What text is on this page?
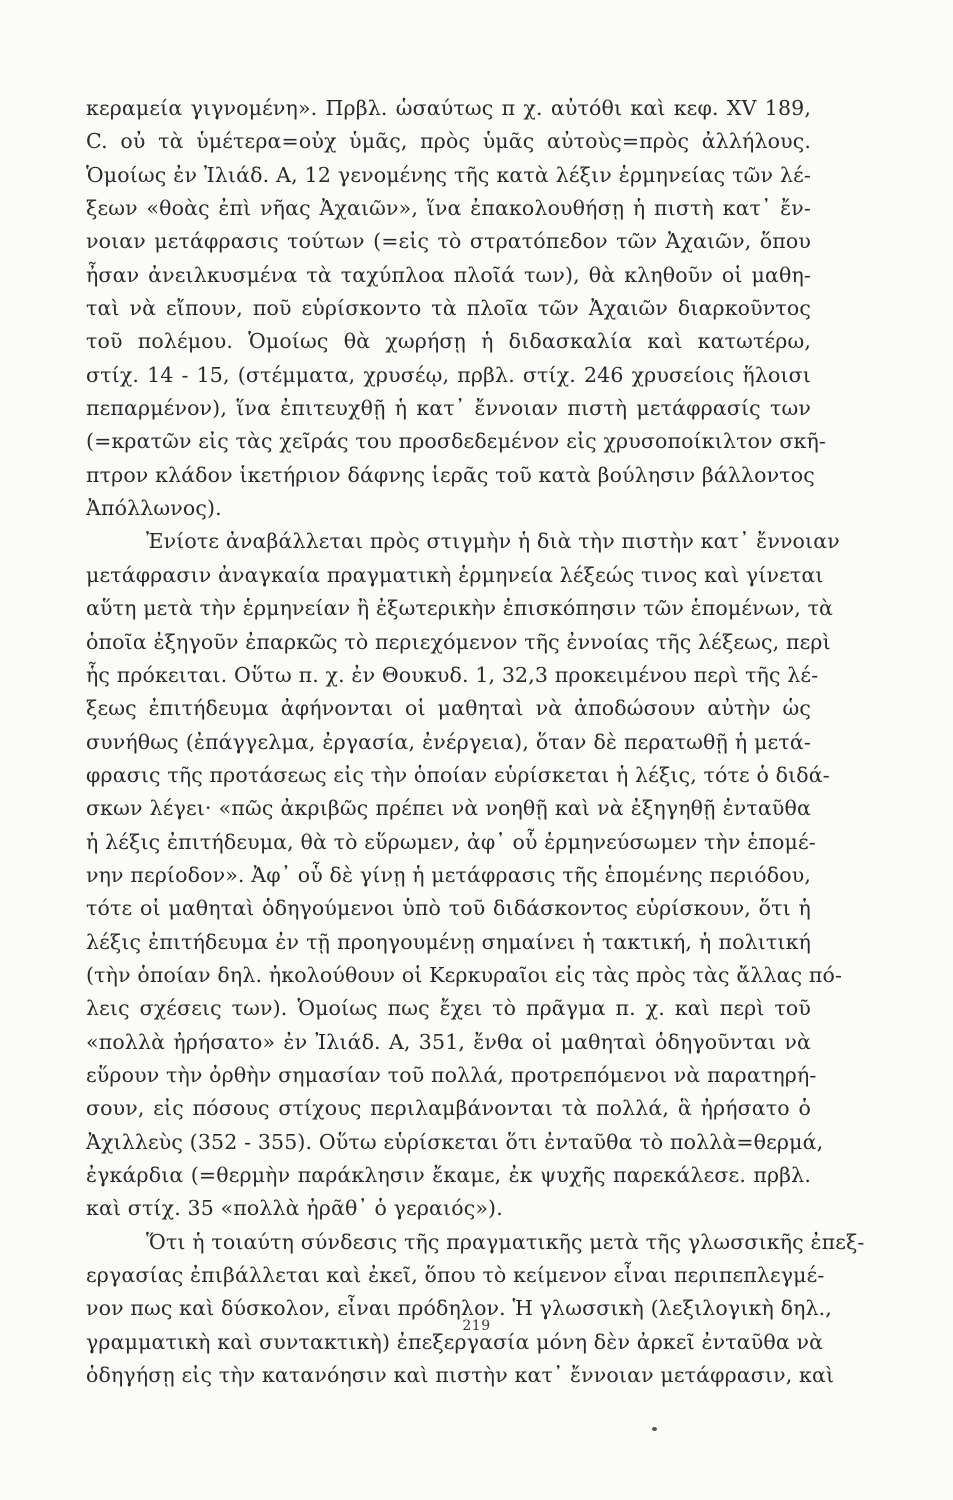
κεραμεία γιγνομένη». Πρβλ. ὡσαύτως π χ. αὐτόθι καὶ κεφ. XV 189,
C. οὐ τὰ ὑμέτερα=οὐχ ὑμᾶς, πρὸς ὑμᾶς αὐτοὺς=πρὸς ἀλλήλους.
Ὁμοίως ἐν Ἰλιάδ. Α, 12 γενομένης τῆς κατὰ λέξιν ἑρμηνείας τῶν λέ-
ξεων «θοὰς ἐπὶ νῆας Ἀχαιῶν», ἵνα ἐπακολουθήσῃ ἡ πιστὴ κατ᾽ ἔν-
νοιαν μετάφρασις τούτων (=εἰς τὸ στρατόπεδον τῶν Ἀχαιῶν, ὅπου
ἦσαν ἀνειλκυσμένα τὰ ταχύπλοα πλοῖά των), θὰ κληθοῦν οἱ μαθη-
ταὶ νὰ εἴπουν, ποῦ εὑρίσκοντο τὰ πλοῖα τῶν Ἀχαιῶν διαρκοῦντος
τοῦ πολέμου. Ὁμοίως θὰ χωρήσῃ ἡ διδασκαλία καὶ κατωτέρω,
στίχ. 14 - 15, (στέμματα, χρυσέῳ, πρβλ. στίχ. 246 χρυσείοις ἥλοισι
πεπαρμένον), ἵνα ἐπιτευχθῇ ἡ κατ᾽ ἔννοιαν πιστὴ μετάφρασίς των
(=κρατῶν εἰς τὰς χεῖράς του προσδεδεμένον εἰς χρυσοποίκιλτον σκῆ-
πτρον κλάδον ἱκετήριον δάφνης ἱερᾶς τοῦ κατὰ βούλησιν βάλλοντος
Ἀπόλλωνος).
Ἐνίοτε ἀναβάλλεται πρὸς στιγμὴν ἡ διὰ τὴν πιστὴν κατ᾽ ἔννοιαν
μετάφρασιν ἀναγκαία πραγματικὴ ἑρμηνεία λέξεώς τινος καὶ γίνεται
αὕτη μετὰ τὴν ἑρμηνείαν ἢ ἐξωτερικὴν ἐπισκόπησιν τῶν ἑπομένων, τὰ
ὁποῖα ἐξηγοῦν ἐπαρκῶς τὸ περιεχόμενον τῆς ἐννοίας τῆς λέξεως, περὶ
ἧς πρόκειται. Οὕτω π. χ. ἐν Θουκυδ. 1, 32,3 προκειμένου περὶ τῆς λέ-
ξεως ἐπιτήδευμα ἀφήνονται οἱ μαθηταὶ νὰ ἀποδώσουν αὐτὴν ὡς
συνήθως (ἐπάγγελμα, ἐργασία, ἐνέργεια), ὅταν δὲ περατωθῇ ἡ μετά-
φρασις τῆς προτάσεως εἰς τὴν ὁποίαν εὑρίσκεται ἡ λέξις, τότε ὁ διδά-
σκων λέγει· «πῶς ἀκριβῶς πρέπει νὰ νοηθῇ καὶ νὰ ἐξηγηθῇ ἐνταῦθα
ἡ λέξις ἐπιτήδευμα, θὰ τὸ εὕρωμεν, ἀφ᾽ οὗ ἑρμηνεύσωμεν τὴν ἑπομέ-
νην περίοδον». Ἀφ᾽ οὗ δὲ γίνῃ ἡ μετάφρασις τῆς ἑπομένης περιόδου,
τότε οἱ μαθηταὶ ὁδηγούμενοι ὑπὸ τοῦ διδάσκοντος εὑρίσκουν, ὅτι ἡ
λέξις ἐπιτήδευμα ἐν τῇ προηγουμένῃ σημαίνει ἡ τακτική, ἡ πολιτική
(τὴν ὁποίαν δηλ. ἠκολούθουν οἱ Κερκυραῖοι εἰς τὰς πρὸς τὰς ἄλλας πό-
λεις σχέσεις των). Ὁμοίως πως ἔχει τὸ πρᾶγμα π. χ. καὶ περὶ τοῦ
«πολλὰ ἠρήσατο» ἐν Ἰλιάδ. Α, 351, ἔνθα οἱ μαθηταὶ ὁδηγοῦνται νὰ
εὕρουν τὴν ὀρθὴν σημασίαν τοῦ πολλά, προτρεπόμενοι νὰ παρατηρή-
σουν, εἰς πόσους στίχους περιλαμβάνονται τὰ πολλά, ἃ ἠρήσατο ὁ
Ἀχιλλεὺς (352 - 355). Οὕτω εὑρίσκεται ὅτι ἐνταῦθα τὸ πολλὰ=θερμά,
ἐγκάρδια (=θερμὴν παράκλησιν ἔκαμε, ἐκ ψυχῆς παρεκάλεσε. πρβλ.
καὶ στίχ. 35 «πολλὰ ἠρᾶθ᾽ ὁ γεραιός»).
Ὅτι ἡ τοιαύτη σύνδεσις τῆς πραγματικῆς μετὰ τῆς γλωσσικῆς ἐπεξ-
εργασίας ἐπιβάλλεται καὶ ἐκεῖ, ὅπου τὸ κείμενον εἶναι περιπεπλεγμέ-
νον πως καὶ δύσκολον, εἶναι πρόδηλον. Ἡ γλωσσικὴ (λεξιλογικὴ δηλ.,
γραμματικὴ καὶ συντακτικὴ) ἐπεξεργασία μόνη δὲν ἀρκεῖ ἐνταῦθα νὰ
ὁδηγήσῃ εἰς τὴν κατανόησιν καὶ πιστὴν κατ᾽ ἔννοιαν μετάφρασιν, καὶ
219
